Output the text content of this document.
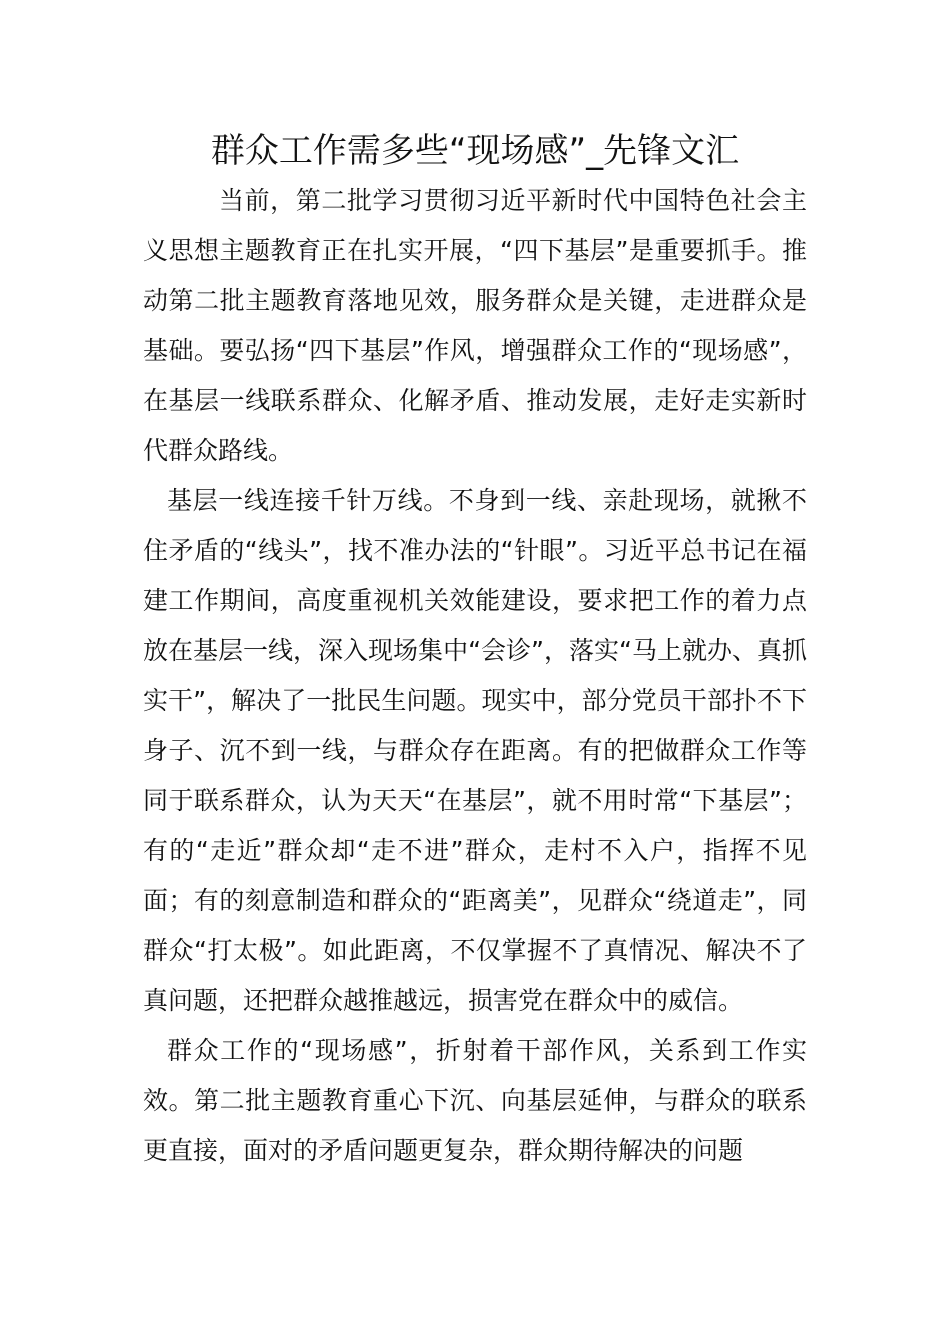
群众工作需多些“现场感”_先锋文汇

当前，第二批学习贯彻习近平新时代中国特色社会主义思想主题教育正在扎实开展，“四下基层”是重要抓手。推动第二批主题教育落地见效，服务群众是关键，走进群众是基础。要弘扬“四下基层”作风，增强群众工作的“现场感”，在基层一线联系群众、化解矛盾、推动发展，走好走实新时代群众路线。

基层一线连接千针万线。不身到一线、亲赴现场，就揪不住矛盾的“线头”，找不准办法的“针眼”。习近平总书记在福建工作期间，高度重视机关效能建设，要求把工作的着力点放在基层一线，深入现场集中“会诊”，落实“马上就办、真抓实干”，解决了一批民生问题。现实中，部分党员干部扑不下身子、沉不到一线，与群众存在距离。有的把做群众工作等同于联系群众，认为天天“在基层”，就不用时常“下基层”；有的“走近”群众却“走不进”群众，走村不入户，指挥不见面；有的刻意制造和群众的“距离美”，见群众“绕道走”，同群众“打太极”。如此距离，不仅掌握不了真情况、解决不了真问题，还把群众越推越远，损害党在群众中的威信。

群众工作的“现场感”，折射着干部作风，关系到工作实效。第二批主题教育重心下沉、向基层延伸，与群众的联系更直接，面对的矛盾问题更复杂，群众期待解决的问题
